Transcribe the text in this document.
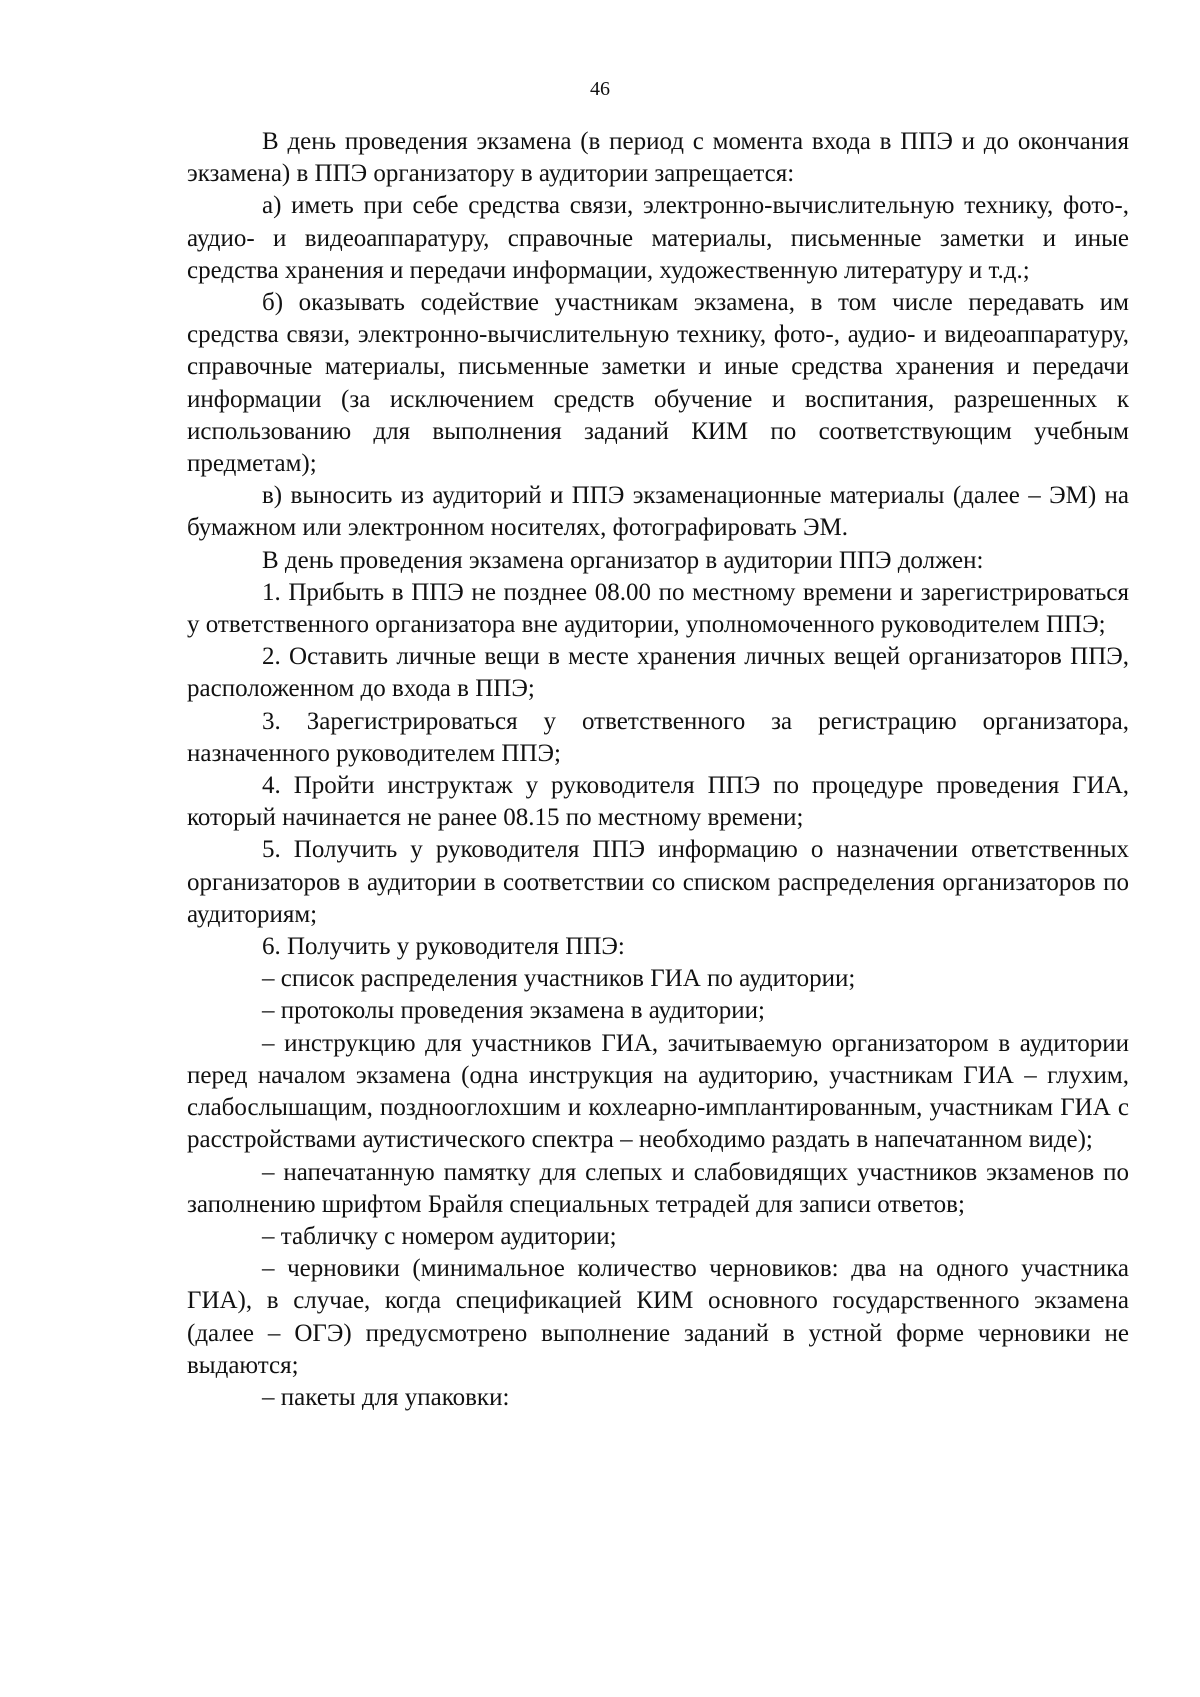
46

В день проведения экзамена (в период с момента входа в ППЭ и до окончания экзамена) в ППЭ организатору в аудитории запрещается:

а) иметь при себе средства связи, электронно-вычислительную технику, фото-, аудио- и видеоаппаратуру, справочные материалы, письменные заметки и иные средства хранения и передачи информации, художественную литературу и т.д.;

б) оказывать содействие участникам экзамена, в том числе передавать им средства связи, электронно-вычислительную технику, фото-, аудио- и видеоаппаратуру, справочные материалы, письменные заметки и иные средства хранения и передачи информации (за исключением средств обучение и воспитания, разрешенных к использованию для выполнения заданий КИМ по соответствующим учебным предметам);

в) выносить из аудиторий и ППЭ экзаменационные материалы (далее – ЭМ) на бумажном или электронном носителях, фотографировать ЭМ.

В день проведения экзамена организатор в аудитории ППЭ должен:

1. Прибыть в ППЭ не позднее 08.00 по местному времени и зарегистрироваться у ответственного организатора вне аудитории, уполномоченного руководителем ППЭ;

2. Оставить личные вещи в месте хранения личных вещей организаторов ППЭ, расположенном до входа в ППЭ;

3. Зарегистрироваться у ответственного за регистрацию организатора, назначенного руководителем ППЭ;

4. Пройти инструктаж у руководителя ППЭ по процедуре проведения ГИА, который начинается не ранее 08.15 по местному времени;

5. Получить у руководителя ППЭ информацию о назначении ответственных организаторов в аудитории в соответствии со списком распределения организаторов по аудиториям;

6. Получить у руководителя ППЭ:

– список распределения участников ГИА по аудитории;

– протоколы проведения экзамена в аудитории;

– инструкцию для участников ГИА, зачитываемую организатором в аудитории перед началом экзамена (одна инструкция на аудиторию, участникам ГИА – глухим, слабослышащим, позднооглохшим и кохлеарно-имплантированным, участникам ГИА с расстройствами аутистического спектра – необходимо раздать в напечатанном виде);

– напечатанную памятку для слепых и слабовидящих участников экзаменов по заполнению шрифтом Брайля специальных тетрадей для записи ответов;

– табличку с номером аудитории;

– черновики (минимальное количество черновиков: два на одного участника ГИА), в случае, когда спецификацией КИМ основного государственного экзамена (далее – ОГЭ) предусмотрено выполнение заданий в устной форме черновики не выдаются;

– пакеты для упаковки:
